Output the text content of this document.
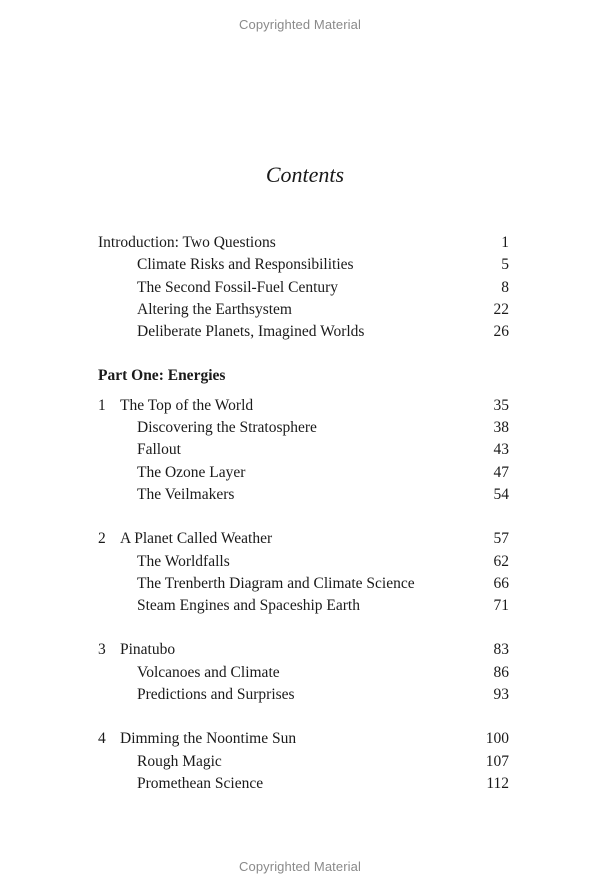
Copyrighted Material
Contents
Introduction: Two Questions	1
Climate Risks and Responsibilities	5
The Second Fossil-Fuel Century	8
Altering the Earthsystem	22
Deliberate Planets, Imagined Worlds	26
Part One: Energies
1 The Top of the World	35
Discovering the Stratosphere	38
Fallout	43
The Ozone Layer	47
The Veilmakers	54
2 A Planet Called Weather	57
The Worldfalls	62
The Trenberth Diagram and Climate Science	66
Steam Engines and Spaceship Earth	71
3 Pinatubo	83
Volcanoes and Climate	86
Predictions and Surprises	93
4 Dimming the Noontime Sun	100
Rough Magic	107
Promethean Science	112
Copyrighted Material
